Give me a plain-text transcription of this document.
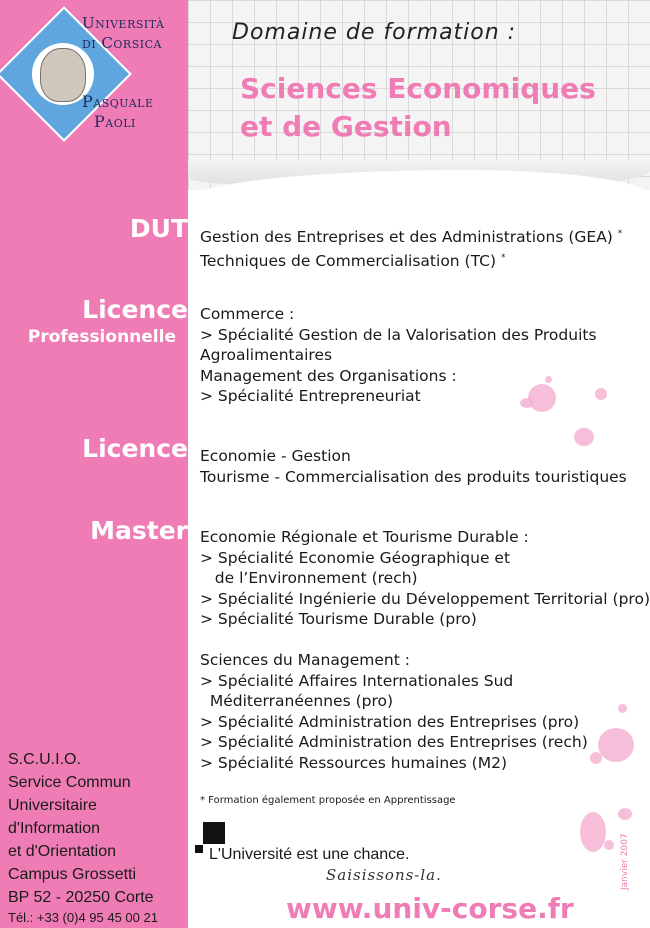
Università
di Corsica
Pasquale
Paoli
Domaine de formation :
Sciences Economiques
et de Gestion
DUT
Licence
Professionnelle
Licence
Master
Gestion des Entreprises et des Administrations (GEA) *
Techniques de Commercialisation (TC) *
Commerce :
> Spécialité Gestion de la Valorisation des Produits
Agroalimentaires
Management des Organisations :
> Spécialité Entrepreneuriat
Economie - Gestion
Tourisme - Commercialisation des produits touristiques
Economie Régionale et Tourisme Durable :
> Spécialité Economie Géographique et
de l’Environnement (rech)
> Spécialité Ingénierie du Développement Territorial (pro)
> Spécialité Tourisme Durable (pro)
Sciences du Management :
> Spécialité Affaires Internationales Sud
Méditerranéennes (pro)
> Spécialité Administration des Entreprises (pro)
> Spécialité Administration des Entreprises (rech)
> Spécialité Ressources humaines (M2)
* Formation également proposée en Apprentissage
S.C.U.I.O.
Service Commun
Universitaire
d'Information
et d'Orientation
Campus Grossetti
BP 52 - 20250 Corte
Tél.: +33 (0)4 95 45 00 21
L'Université est une chance.
Saisissons-la.
www.univ-corse.fr
Janvier 2007
